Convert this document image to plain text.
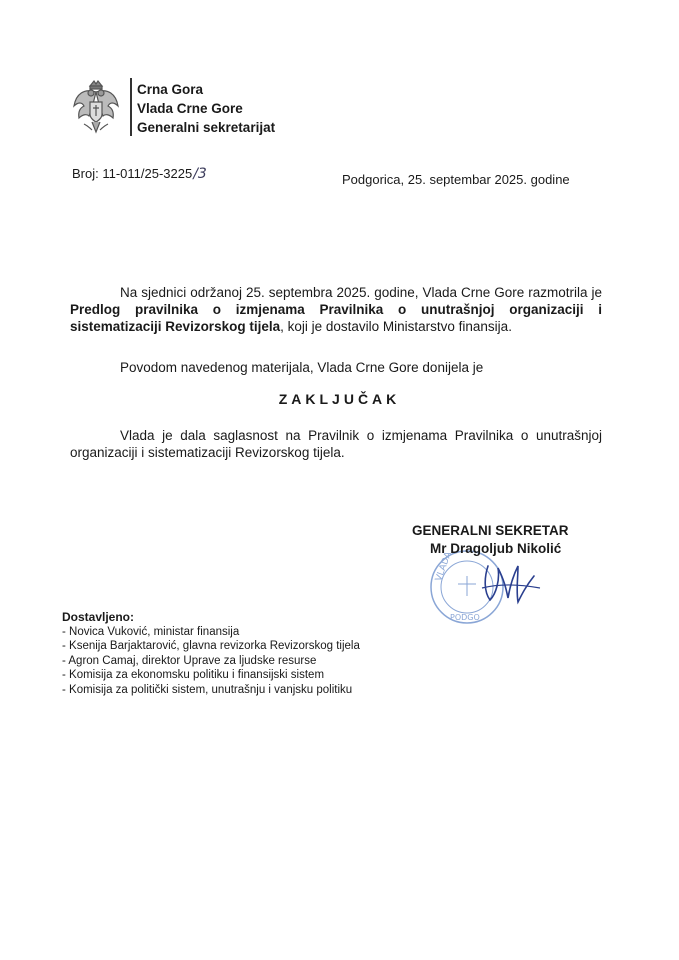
Crna Gora
Vlada Crne Gore
Generalni sekretarijat
Broj: 11-011/25-3225/3	Podgorica, 25. septembar 2025. godine
Na sjednici održanoj 25. septembra 2025. godine, Vlada Crne Gore razmotrila je Predlog pravilnika o izmjenama Pravilnika o unutrašnjoj organizaciji i sistematizaciji Revizorskog tijela, koji je dostavilo Ministarstvo finansija.
Povodom navedenog materijala, Vlada Crne Gore donijela je
ZAKLJUČAK
Vlada je dala saglasnost na Pravilnik o izmjenama Pravilnika o unutrašnjoj organizaciji i sistematizaciji Revizorskog tijela.
VLADA
PODGO
GENERALNI SEKRETAR
Mr Dragoljub Nikolić
Dostavljeno:
- Novica Vuković, ministar finansija
- Ksenija Barjaktarović, glavna revizorka Revizorskog tijela
- Agron Camaj, direktor Uprave za ljudske resurse
- Komisija za ekonomsku politiku i finansijski sistem
- Komisija za politički sistem, unutrašnju i vanjsku politiku
